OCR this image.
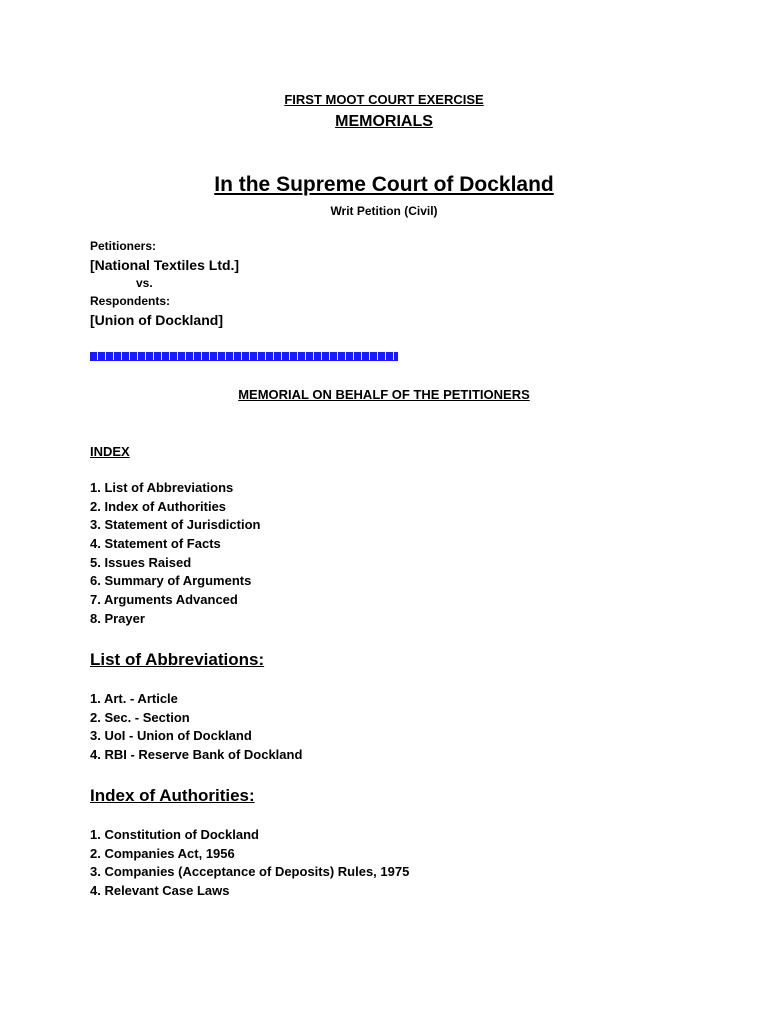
FIRST MOOT COURT EXERCISE
MEMORIALS
In the Supreme Court of Dockland
Writ Petition (Civil)
Petitioners:
[National Textiles Ltd.]
vs.
Respondents:
[Union of Dockland]
MEMORIAL ON BEHALF OF THE PETITIONERS
INDEX
1. List of Abbreviations
2. Index of Authorities
3. Statement of Jurisdiction
4. Statement of Facts
5. Issues Raised
6. Summary of Arguments
7. Arguments Advanced
8. Prayer
List of Abbreviations:
1. Art. - Article
2. Sec. - Section
3. UoI - Union of Dockland
4. RBI - Reserve Bank of Dockland
Index of Authorities:
1. Constitution of Dockland
2. Companies Act, 1956
3. Companies (Acceptance of Deposits) Rules, 1975
4. Relevant Case Laws
